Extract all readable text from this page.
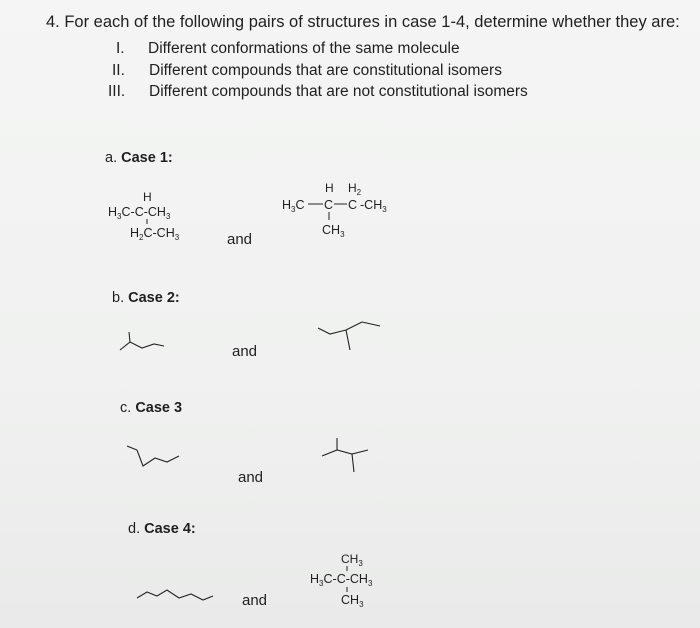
4. For each of the following pairs of structures in case 1-4, determine whether they are:
I. Different conformations of the same molecule
II. Different compounds that are constitutional isomers
III. Different compounds that are not constitutional isomers
a. Case 1:
H
$H_3C-C-CH_3$
$H_2C-CH_3$	and
H $H_2$
$H_3C$ C C $-CH_3$
$CH_3$
b. Case 2:
and
c. Case 3
and
d. Case 4:
and
$CH_3$
$H_3C-C-CH_3$
$CH_3$
